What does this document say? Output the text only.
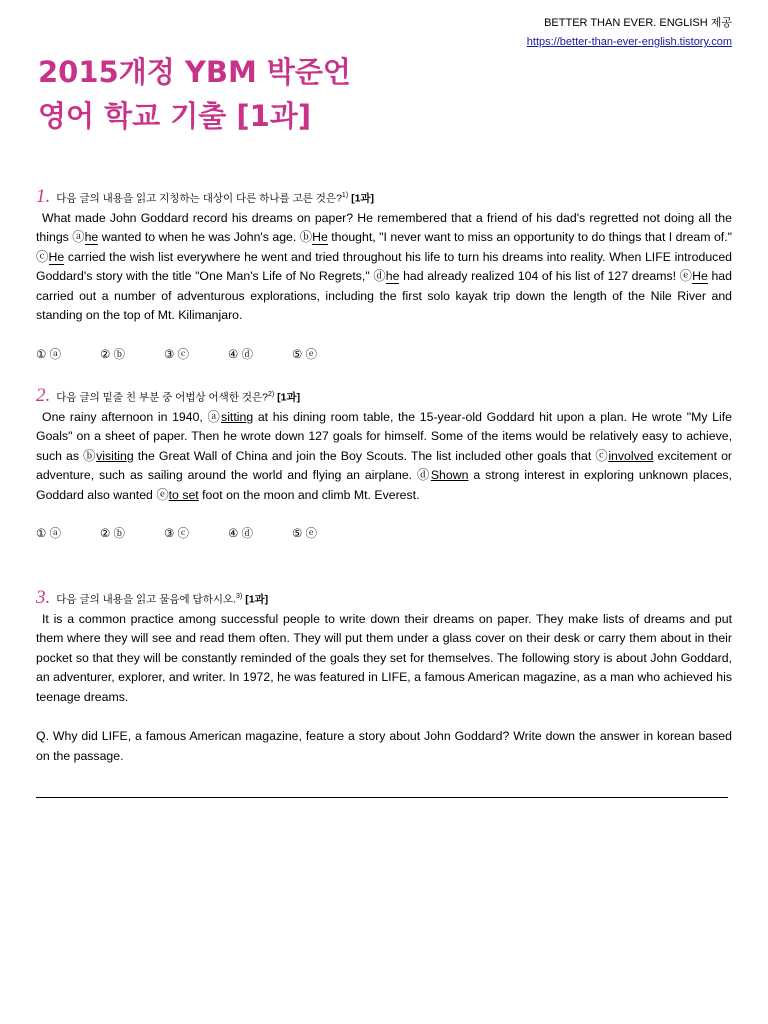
BETTER THAN EVER. ENGLISH 제공
https://better-than-ever-english.tistory.com
2015개정 YBM 박준언
영어 학교 기출 [1과]
1. 다음 글의 내용을 읽고 지칭하는 대상이 다른 하나를 고른 것은?$^{1)}$ [1과]

What made John Goddard record his dreams on paper? He remembered that a friend of his dad's regretted not doing all the things ⓐhe wanted to when he was John's age. ⓑHe thought, "I never want to miss an opportunity to do things that I dream of." ⓒHe carried the wish list everywhere he went and tried throughout his life to turn his dreams into reality. When LIFE introduced Goddard's story with the title "One Man's Life of No Regrets," ⓓhe had already realized 104 of his list of 127 dreams! ⓔHe had carried out a number of adventurous explorations, including the first solo kayak trip down the length of the Nile River and standing on the top of Mt. Kilimanjaro.

① ⓐ	② ⓑ	③ ⓒ	④ ⓓ	⑤ ⓔ
2. 다음 글의 밑줄 친 부분 중 어법상 어색한 것은?$^{2)}$ [1과]

One rainy afternoon in 1940, ⓐsitting at his dining room table, the 15-year-old Goddard hit upon a plan. He wrote "My Life Goals" on a sheet of paper. Then he wrote down 127 goals for himself. Some of the items would be relatively easy to achieve, such as ⓑvisiting the Great Wall of China and join the Boy Scouts. The list included other goals that ⓒinvolved excitement or adventure, such as sailing around the world and flying an airplane. ⓓShown a strong interest in exploring unknown places, Goddard also wanted ⓔto set foot on the moon and climb Mt. Everest.

① ⓐ	② ⓑ	③ ⓒ	④ ⓓ	⑤ ⓔ
3. 다음 글의 내용을 읽고 물음에 답하시오.$^{3)}$ [1과]

It is a common practice among successful people to write down their dreams on paper. They make lists of dreams and put them where they will see and read them often. They will put them under a glass cover on their desk or carry them about in their pocket so that they will be constantly reminded of the goals they set for themselves. The following story is about John Goddard, an adventurer, explorer, and writer. In 1972, he was featured in LIFE, a famous American magazine, as a man who achieved his teenage dreams.

Q. Why did LIFE, a famous American magazine, feature a story about John Goddard? Write down the answer in korean based on the passage.
